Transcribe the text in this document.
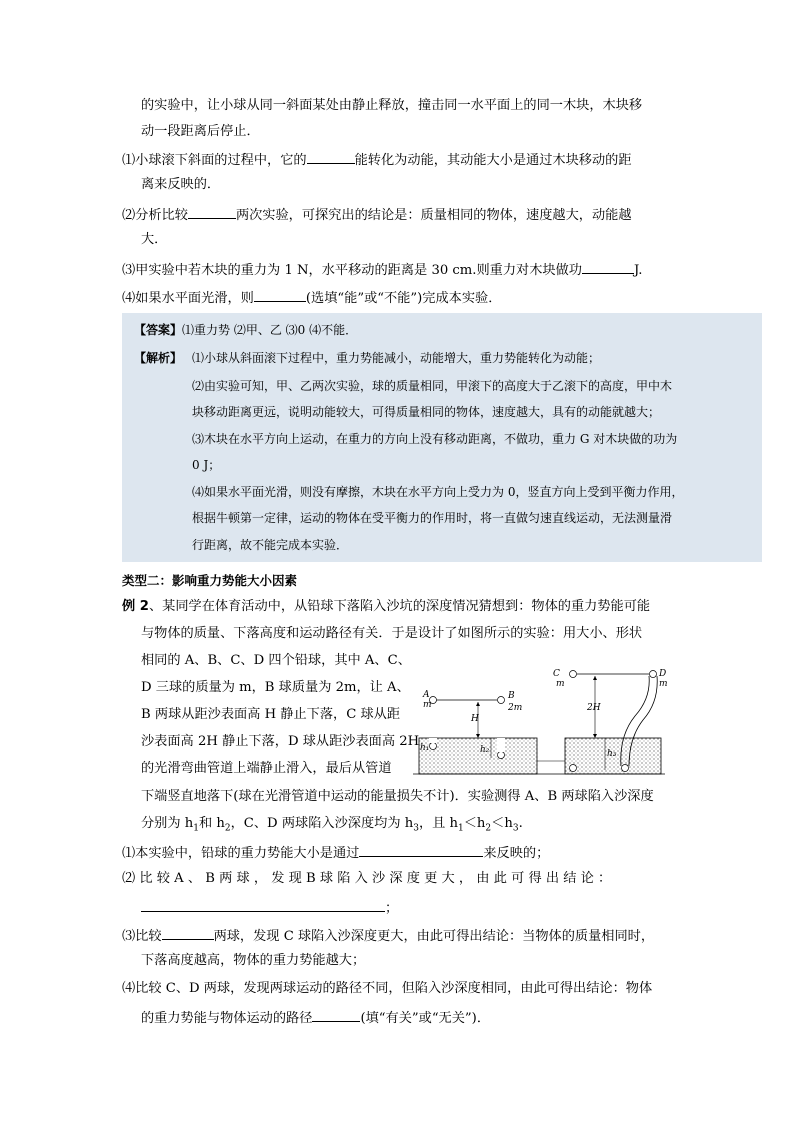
的实验中，让小球从同一斜面某处由静止释放，撞击同一水平面上的同一木块，木块移
动一段距离后停止．
⑴小球滚下斜面的过程中，它的	能转化为动能，其动能大小是通过木块移动的距
离来反映的．
⑵分析比较	两次实验，可探究出的结论是：质量相同的物体，速度越大，动能越
大．
⑶甲实验中若木块的重力为 1 N，水平移动的距离是 30 cm.则重力对木块做功	J.
⑷如果水平面光滑，则	(选填“能”或“不能”)完成本实验．
【答案】⑴重力势 ⑵甲、乙 ⑶0 ⑷不能．
【解析】 ⑴小球从斜面滚下过程中，重力势能减小，动能增大，重力势能转化为动能；
⑵由实验可知，甲、乙两次实验，球的质量相同，甲滚下的高度大于乙滚下的高度，甲中木
块移动距离更远，说明动能较大，可得质量相同的物体，速度越大，具有的动能就越大；
⑶木块在水平方向上运动，在重力的方向上没有移动距离，不做功，重力 G 对木块做的功为
0 J；
⑷如果水平面光滑，则没有摩擦，木块在水平方向上受力为 0，竖直方向上受到平衡力作用，
根据牛顿第一定律，运动的物体在受平衡力的作用时，将一直做匀速直线运动，无法测量滑
行距离，故不能完成本实验．
类型二：影响重力势能大小因素
例 2、某同学在体育活动中，从铅球下落陷入沙坑的深度情况猜想到：物体的重力势能可能
与物体的质量、下落高度和运动路径有关．于是设计了如图所示的实验：用大小、形状
相同的 A、B、C、D 四个铅球，其中 A、C、
D 三球的质量为 m，B 球质量为 2m，让 A、
B 两球从距沙表面高 H 静止下落，C 球从距
沙表面高 2H 静止下落，D 球从距沙表面高 2H
的光滑弯曲管道上端静止滑入，最后从管道
下端竖直地落下(球在光滑管道中运动的能量损失不计)．实验测得 A、B 两球陷入沙深度
分别为 $h_1$和 $h_2$，C、D 两球陷入沙深度均为 $h_3$，且 $h_1<h_2<h_3$.
⑴本实验中，铅球的重力势能大小是通过	来反映的；
⑵ 比 较 A 、 B 两 球 ， 发 现 B 球 陷 入 沙 深 度 更 大 ， 由 此 可 得 出 结 论 ：
；
⑶比较	两球，发现 C 球陷入沙深度更大，由此可得出结论：当物体的质量相同时，
下落高度越高，物体的重力势能越大；
⑷比较 C、D 两球，发现两球运动的路径不同，但陷入沙深度相同，由此可得出结论：物体
的重力势能与物体运动的路径	(填“有关”或“无关”)．
A
m
B
2m
H
h₁	h₂
C
m
2H
D
m
h₃
